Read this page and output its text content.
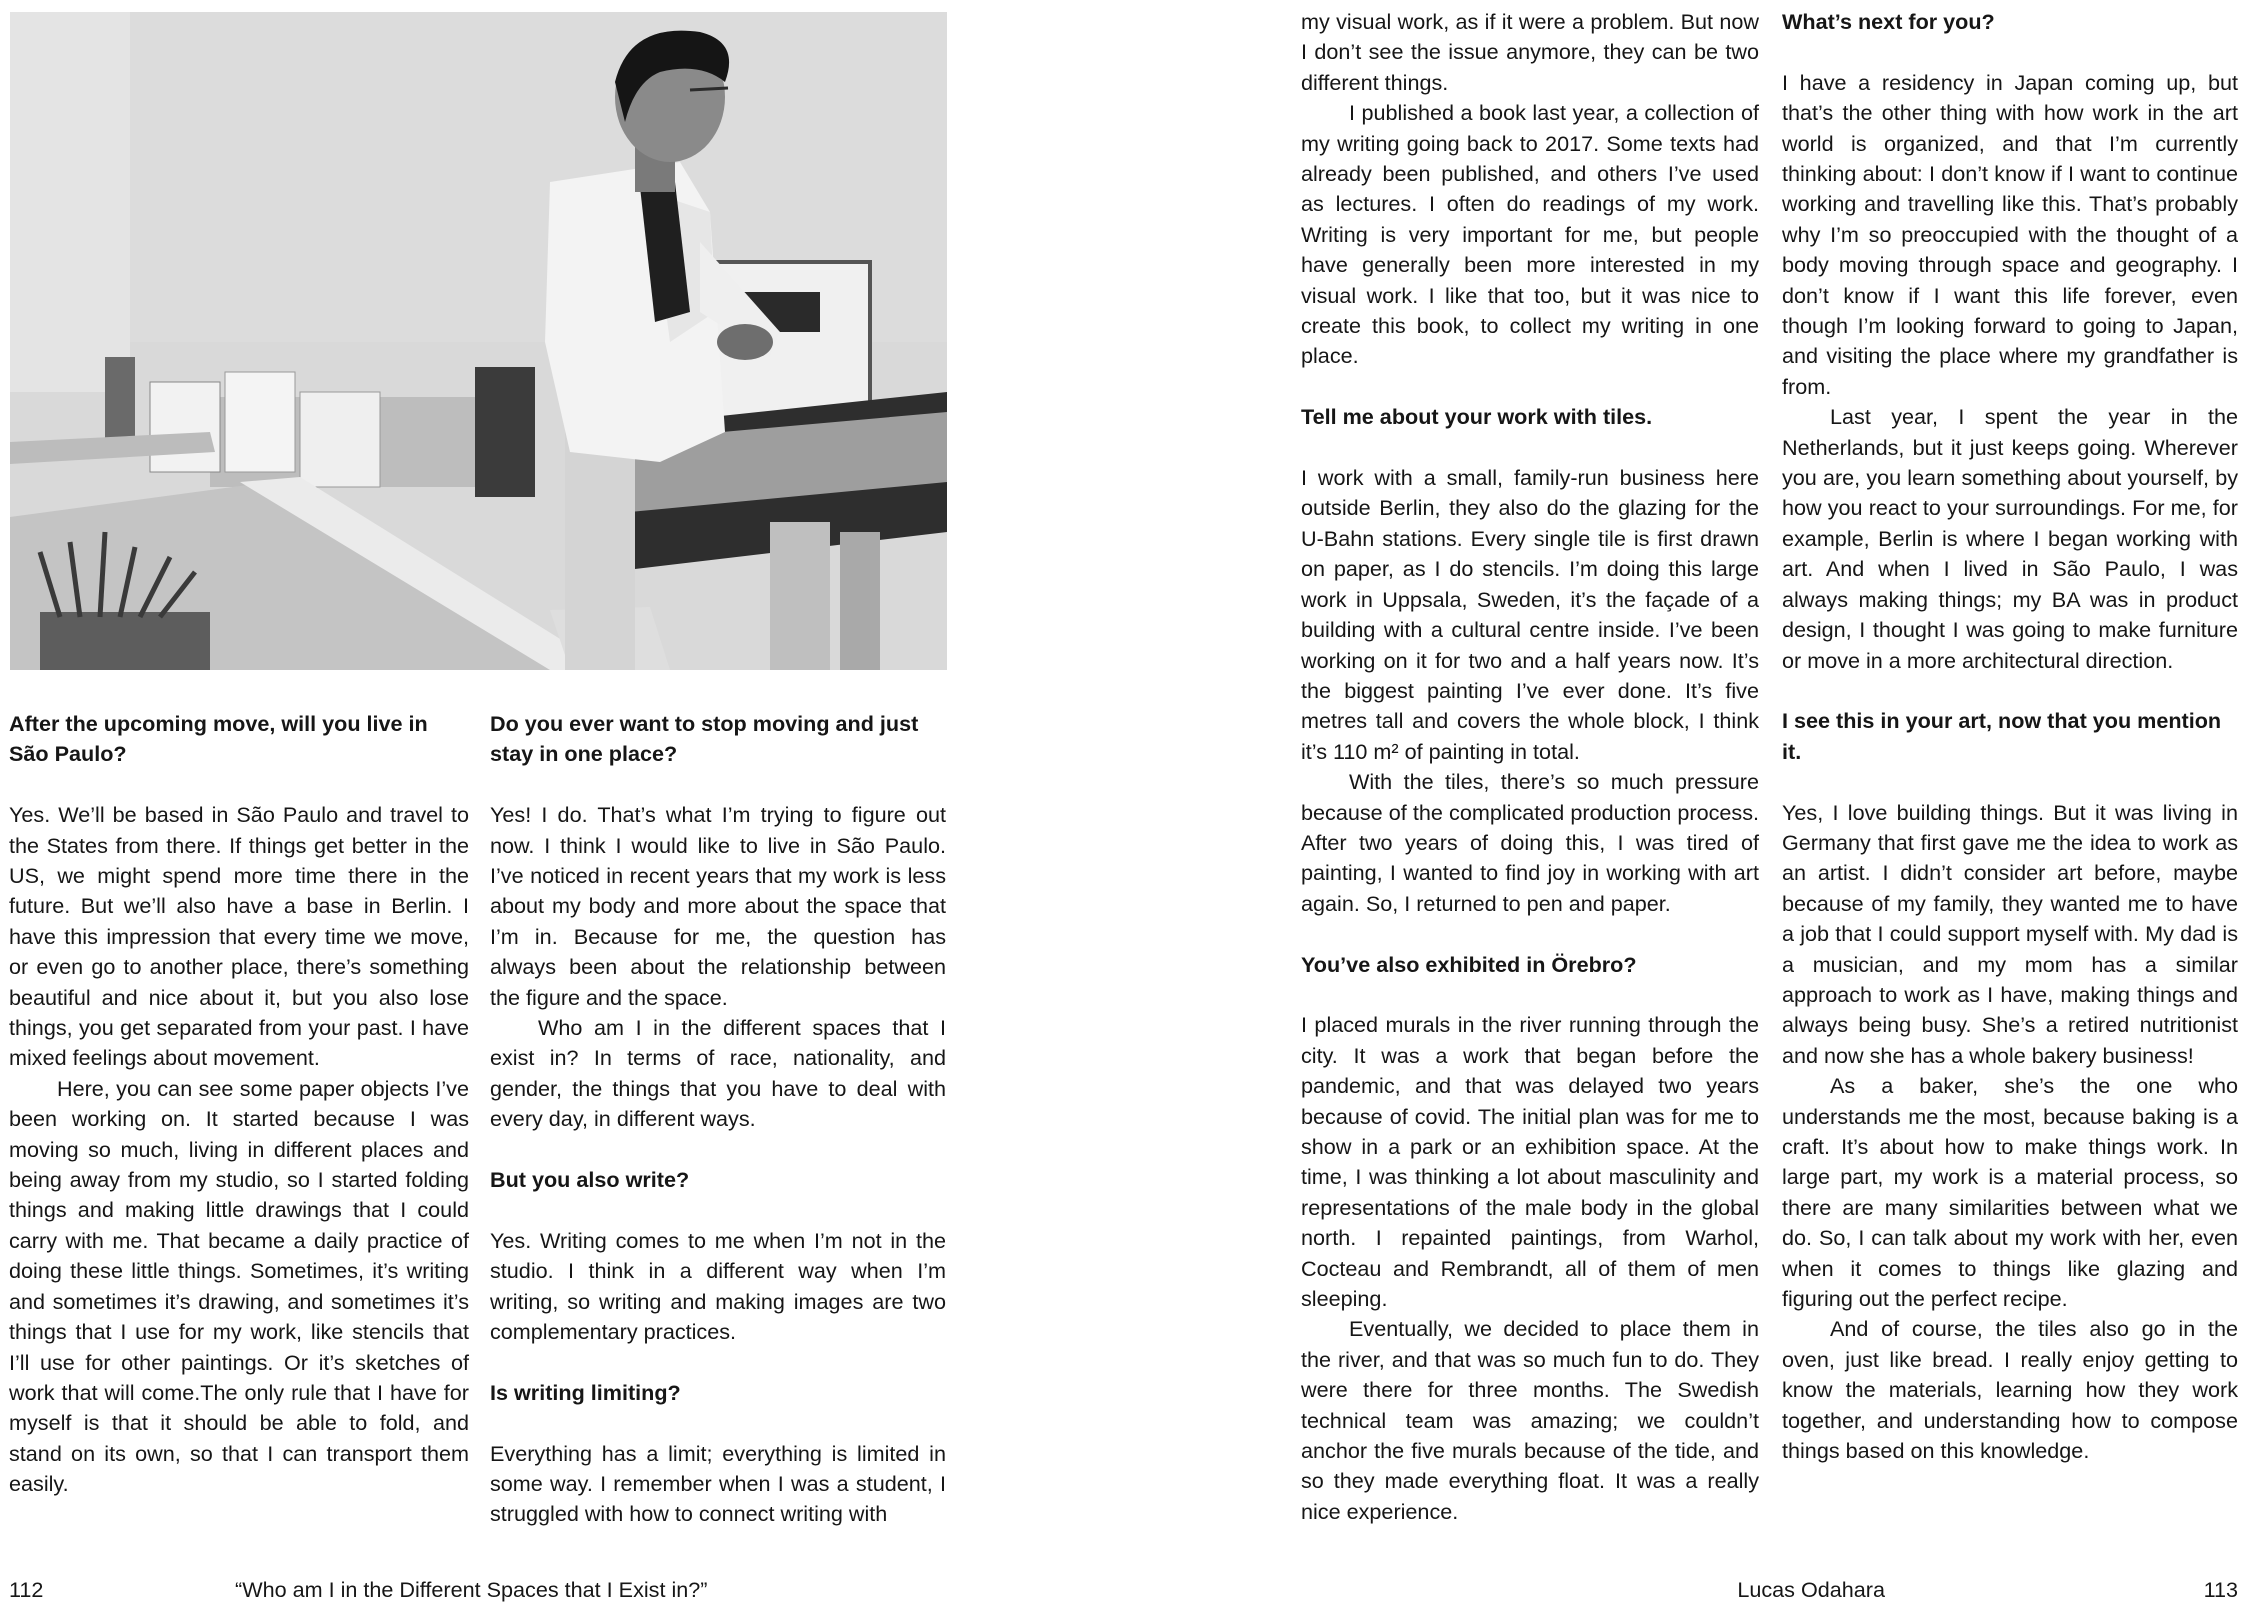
After the upcoming move, will you live in São Paulo?

Yes. We’ll be based in São Paulo and travel to the States from there. If things get better in the US, we might spend more time there in the future. But we’ll also have a base in Berlin. I have this impression that every time we move, or even go to another place, there’s something beautiful and nice about it, but you also lose things, you get separated from your past. I have mixed feelings about movement.

Here, you can see some paper objects I’ve been working on. It started because I was moving so much, living in different places and being away from my studio, so I started folding things and making little drawings that I could carry with me. That became a daily practice of doing these little things. Sometimes, it’s writing and sometimes it’s drawing, and sometimes it’s things that I use for my work, like stencils that I’ll use for other paintings. Or it’s sketches of work that will come.The only rule that I have for myself is that it should be able to fold, and stand on its own, so that I can transport them easily.

Do you ever want to stop moving and just stay in one place?

Yes! I do. That’s what I’m trying to figure out now. I think I would like to live in São Paulo. I’ve noticed in recent years that my work is less about my body and more about the space that I’m in. Because for me, the question has always been about the relationship between the figure and the space.

Who am I in the different spaces that I exist in? In terms of race, nationality, and gender, the things that you have to deal with every day, in different ways.

But you also write?

Yes. Writing comes to me when I’m not in the studio. I think in a different way when I’m writing, so writing and making images are two complementary practices.

Is writing limiting?

Everything has a limit; everything is limited in some way. I remember when I was a student, I struggled with how to connect writing with

my visual work, as if it were a problem. But now I don’t see the issue anymore, they can be two different things.

I published a book last year, a collection of my writing going back to 2017. Some texts had already been published, and others I’ve used as lectures. I often do readings of my work. Writing is very important for me, but people have generally been more interested in my visual work. I like that too, but it was nice to create this book, to collect my writing in one place.

Tell me about your work with tiles.

I work with a small, family-run business here outside Berlin, they also do the glazing for the U-Bahn stations. Every single tile is first drawn on paper, as I do stencils. I’m doing this large work in Uppsala, Sweden, it’s the façade of a building with a cultural centre inside. I’ve been working on it for two and a half years now. It’s the biggest painting I’ve ever done. It’s five metres tall and covers the whole block, I think it’s 110 m² of painting in total.

With the tiles, there’s so much pressure because of the complicated production process. After two years of doing this, I was tired of painting, I wanted to find joy in working with art again. So, I returned to pen and paper.

You’ve also exhibited in Örebro?

I placed murals in the river running through the city. It was a work that began before the pandemic, and that was delayed two years because of covid. The initial plan was for me to show in a park or an exhibition space. At the time, I was thinking a lot about masculinity and representations of the male body in the global north. I repainted paintings, from Warhol, Cocteau and Rembrandt, all of them of men sleeping.

Eventually, we decided to place them in the river, and that was so much fun to do. They were there for three months. The Swedish technical team was amazing; we couldn’t anchor the five murals because of the tide, and so they made everything float. It was a really nice experience.

What’s next for you?

I have a residency in Japan coming up, but that’s the other thing with how work in the art world is organized, and that I’m currently thinking about: I don’t know if I want to continue working and travelling like this. That’s probably why I’m so preoccupied with the thought of a body moving through space and geography. I don’t know if I want this life forever, even though I’m looking forward to going to Japan, and visiting the place where my grandfather is from.

Last year, I spent the year in the Netherlands, but it just keeps going. Wherever you are, you learn something about yourself, by how you react to your surroundings. For me, for example, Berlin is where I began working with art. And when I lived in São Paulo, I was always making things; my BA was in product design, I thought I was going to make furniture or move in a more architectural direction.

I see this in your art, now that you mention it.

Yes, I love building things. But it was living in Germany that first gave me the idea to work as an artist. I didn’t consider art before, maybe because of my family, they wanted me to have a job that I could support myself with. My dad is a musician, and my mom has a similar approach to work as I have, making things and always being busy. She’s a retired nutritionist and now she has a whole bakery business!

As a baker, she’s the one who understands me the most, because baking is a craft. It’s about how to make things work. In large part, my work is a material process, so there are many similarities between what we do. So, I can talk about my work with her, even when it comes to things like glazing and figuring out the perfect recipe.

And of course, the tiles also go in the oven, just like bread. I really enjoy getting to know the materials, learning how they work together, and understanding how to compose things based on this knowledge.

112	“Who am I in the Different Spaces that I Exist in?”	Lucas Odahara	113
